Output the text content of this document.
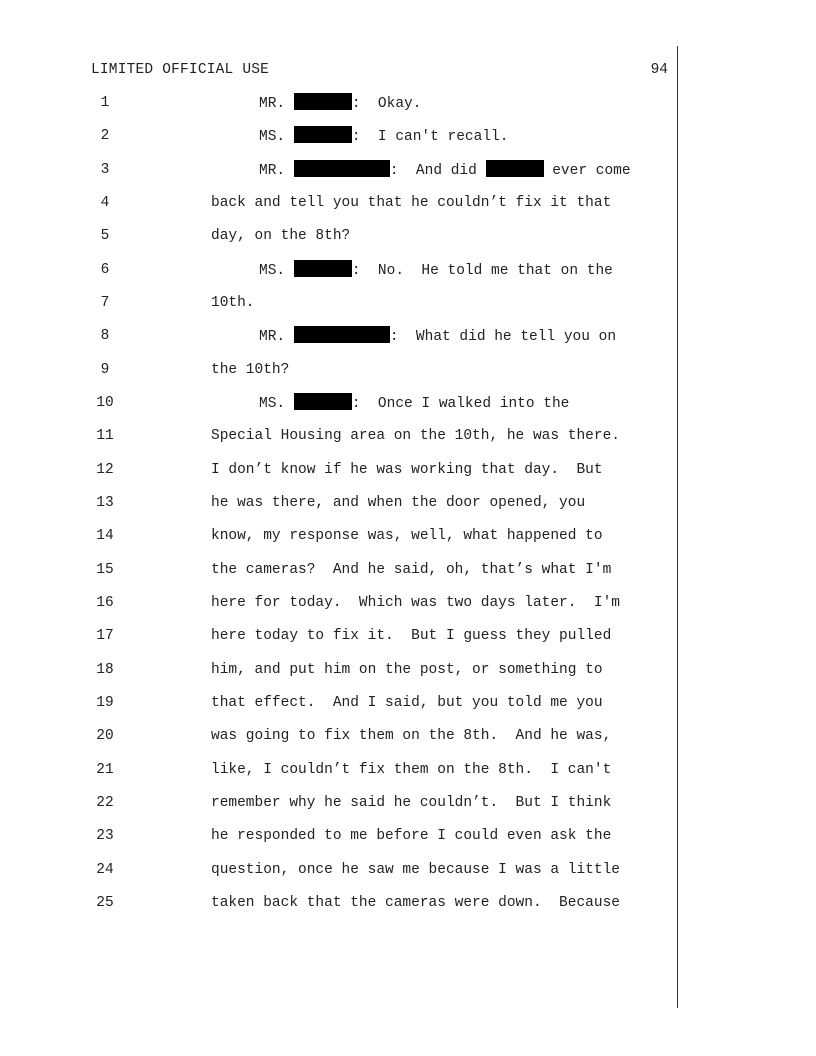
LIMITED OFFICIAL USE	94
1	MR.	:  Okay.
2	MS.	:  I can't recall.
3	MR.	:  And did	ever come
4	back and tell you that he couldn’t fix it that
5	day, on the 8th?
6	MS.	:  No.  He told me that on the
7	10th.
8	MR.	:  What did he tell you on
9	the 10th?
10	MS.	:  Once I walked into the
11	Special Housing area on the 10th, he was there.
12	I don’t know if he was working that day.  But
13	he was there, and when the door opened, you
14	know, my response was, well, what happened to
15	the cameras?  And he said, oh, that’s what I'm
16	here for today.  Which was two days later.  I'm
17	here today to fix it.  But I guess they pulled
18	him, and put him on the post, or something to
19	that effect.  And I said, but you told me you
20	was going to fix them on the 8th.  And he was,
21	like, I couldn’t fix them on the 8th.  I can't
22	remember why he said he couldn’t.  But I think
23	he responded to me before I could even ask the
24	question, once he saw me because I was a little
25	taken back that the cameras were down.  Because
